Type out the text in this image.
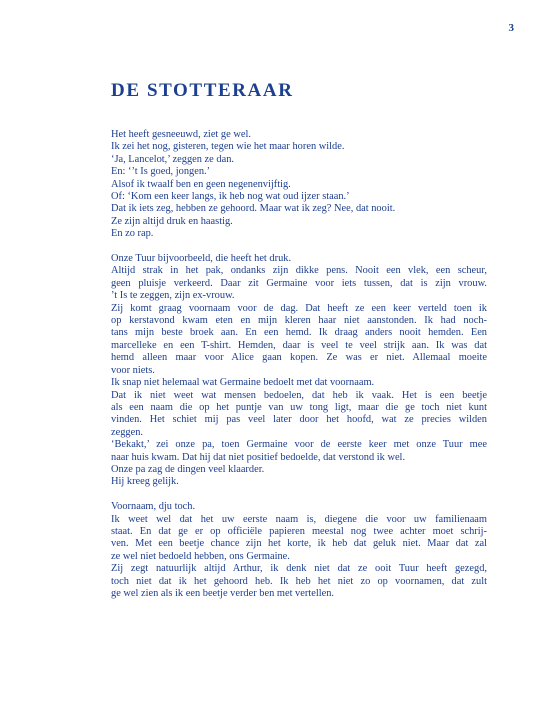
3
DE STOTTERAAR
Het heeft gesneeuwd, ziet ge wel.
Ik zei het nog, gisteren, tegen wie het maar horen wilde.
‘Ja, Lancelot,’ zeggen ze dan.
En: ‘’t Is goed, jongen.’
Alsof ik twaalf ben en geen negenenvijftig.
Of: ‘Kom een keer langs, ik heb nog wat oud ijzer staan.’
Dat ik iets zeg, hebben ze gehoord. Maar wat ik zeg? Nee, dat nooit.
Ze zijn altijd druk en haastig.
En zo rap.
Onze Tuur bijvoorbeeld, die heeft het druk.
Altijd strak in het pak, ondanks zijn dikke pens. Nooit een vlek, een scheur,
geen pluisje verkeerd. Daar zit Germaine voor iets tussen, dat is zijn vrouw.
’t Is te zeggen, zijn ex-vrouw.
Zij komt graag voornaam voor de dag. Dat heeft ze een keer verteld toen ik
op kerstavond kwam eten en mijn kleren haar niet aanstonden. Ik had noch-
tans mijn beste broek aan. En een hemd. Ik draag anders nooit hemden. Een
marcelleke en een T-shirt. Hemden, daar is veel te veel strijk aan. Ik was dat
hemd alleen maar voor Alice gaan kopen. Ze was er niet. Allemaal moeite
voor niets.
Ik snap niet helemaal wat Germaine bedoelt met dat voornaam.
Dat ik niet weet wat mensen bedoelen, dat heb ik vaak. Het is een beetje
als een naam die op het puntje van uw tong ligt, maar die ge toch niet kunt
vinden. Het schiet mij pas veel later door het hoofd, wat ze precies wilden
zeggen.
‘Bekakt,’ zei onze pa, toen Germaine voor de eerste keer met onze Tuur mee
naar huis kwam. Dat hij dat niet positief bedoelde, dat verstond ik wel.
Onze pa zag de dingen veel klaarder.
Hij kreeg gelijk.
Voornaam, dju toch.
Ik weet wel dat het uw eerste naam is, diegene die voor uw familienaam
staat. En dat ge er op officiële papieren meestal nog twee achter moet schrij-
ven. Met een beetje chance zijn het korte, ik heb dat geluk niet. Maar dat zal
ze wel niet bedoeld hebben, ons Germaine.
Zij zegt natuurlijk altijd Arthur, ik denk niet dat ze ooit Tuur heeft gezegd,
toch niet dat ik het gehoord heb. Ik heb het niet zo op voornamen, dat zult
ge wel zien als ik een beetje verder ben met vertellen.
